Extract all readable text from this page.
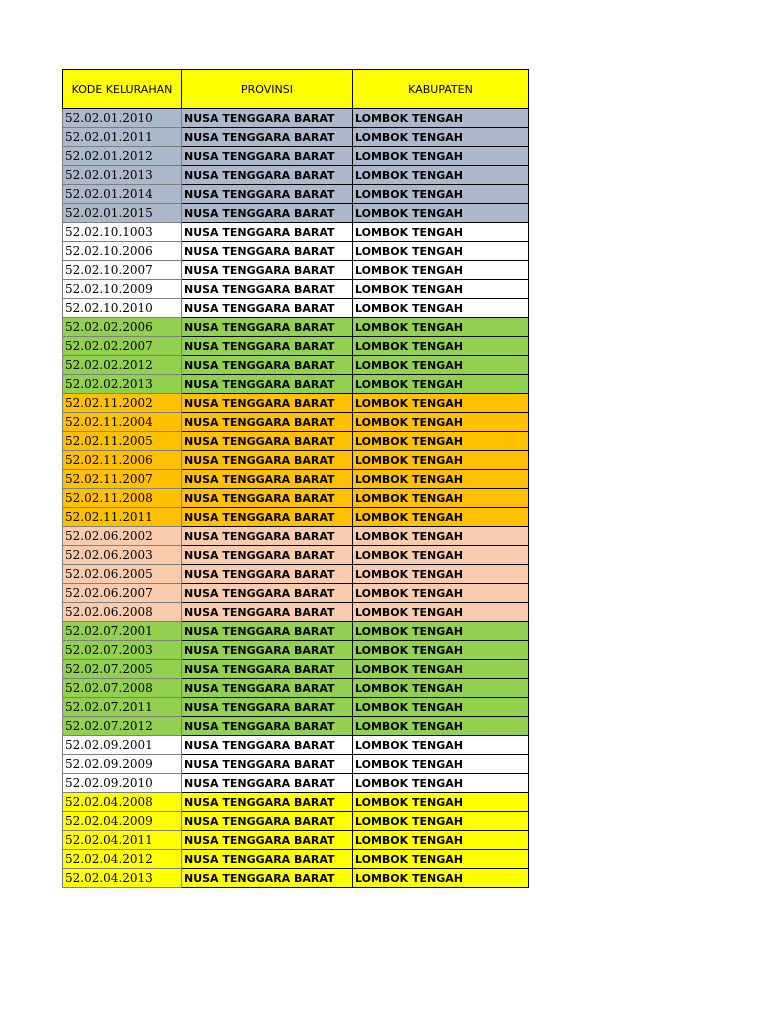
KODE KELURAHAN	PROVINSI	KABUPATEN
52.02.01.2010	NUSA TENGGARA BARAT	LOMBOK TENGAH
52.02.01.2011	NUSA TENGGARA BARAT	LOMBOK TENGAH
52.02.01.2012	NUSA TENGGARA BARAT	LOMBOK TENGAH
52.02.01.2013	NUSA TENGGARA BARAT	LOMBOK TENGAH
52.02.01.2014	NUSA TENGGARA BARAT	LOMBOK TENGAH
52.02.01.2015	NUSA TENGGARA BARAT	LOMBOK TENGAH
52.02.10.1003	NUSA TENGGARA BARAT	LOMBOK TENGAH
52.02.10.2006	NUSA TENGGARA BARAT	LOMBOK TENGAH
52.02.10.2007	NUSA TENGGARA BARAT	LOMBOK TENGAH
52.02.10.2009	NUSA TENGGARA BARAT	LOMBOK TENGAH
52.02.10.2010	NUSA TENGGARA BARAT	LOMBOK TENGAH
52.02.02.2006	NUSA TENGGARA BARAT	LOMBOK TENGAH
52.02.02.2007	NUSA TENGGARA BARAT	LOMBOK TENGAH
52.02.02.2012	NUSA TENGGARA BARAT	LOMBOK TENGAH
52.02.02.2013	NUSA TENGGARA BARAT	LOMBOK TENGAH
52.02.11.2002	NUSA TENGGARA BARAT	LOMBOK TENGAH
52.02.11.2004	NUSA TENGGARA BARAT	LOMBOK TENGAH
52.02.11.2005	NUSA TENGGARA BARAT	LOMBOK TENGAH
52.02.11.2006	NUSA TENGGARA BARAT	LOMBOK TENGAH
52.02.11.2007	NUSA TENGGARA BARAT	LOMBOK TENGAH
52.02.11.2008	NUSA TENGGARA BARAT	LOMBOK TENGAH
52.02.11.2011	NUSA TENGGARA BARAT	LOMBOK TENGAH
52.02.06.2002	NUSA TENGGARA BARAT	LOMBOK TENGAH
52.02.06.2003	NUSA TENGGARA BARAT	LOMBOK TENGAH
52.02.06.2005	NUSA TENGGARA BARAT	LOMBOK TENGAH
52.02.06.2007	NUSA TENGGARA BARAT	LOMBOK TENGAH
52.02.06.2008	NUSA TENGGARA BARAT	LOMBOK TENGAH
52.02.07.2001	NUSA TENGGARA BARAT	LOMBOK TENGAH
52.02.07.2003	NUSA TENGGARA BARAT	LOMBOK TENGAH
52.02.07.2005	NUSA TENGGARA BARAT	LOMBOK TENGAH
52.02.07.2008	NUSA TENGGARA BARAT	LOMBOK TENGAH
52.02.07.2011	NUSA TENGGARA BARAT	LOMBOK TENGAH
52.02.07.2012	NUSA TENGGARA BARAT	LOMBOK TENGAH
52.02.09.2001	NUSA TENGGARA BARAT	LOMBOK TENGAH
52.02.09.2009	NUSA TENGGARA BARAT	LOMBOK TENGAH
52.02.09.2010	NUSA TENGGARA BARAT	LOMBOK TENGAH
52.02.04.2008	NUSA TENGGARA BARAT	LOMBOK TENGAH
52.02.04.2009	NUSA TENGGARA BARAT	LOMBOK TENGAH
52.02.04.2011	NUSA TENGGARA BARAT	LOMBOK TENGAH
52.02.04.2012	NUSA TENGGARA BARAT	LOMBOK TENGAH
52.02.04.2013	NUSA TENGGARA BARAT	LOMBOK TENGAH
